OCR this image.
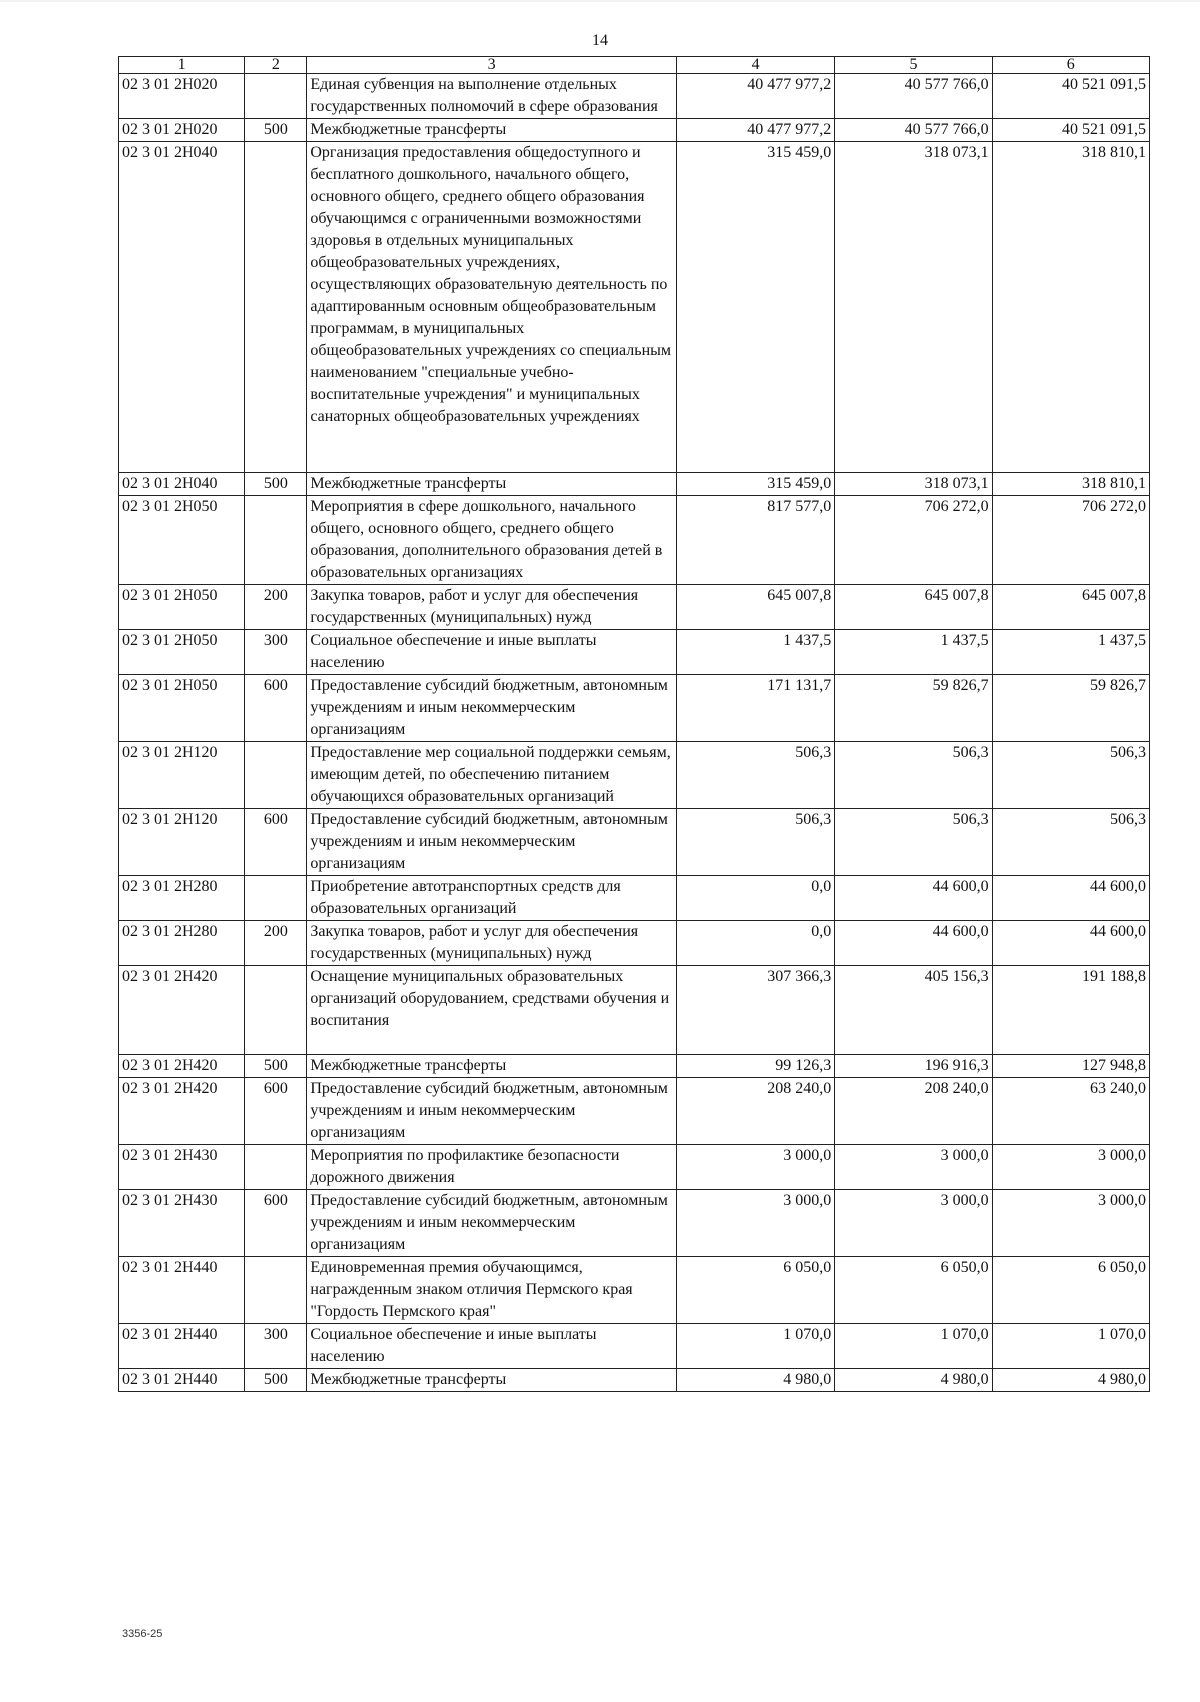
14
1	2	3	4	5	6
02 3 01 2Н020		Единая субвенция на выполнение отдельных государственных полномочий в сфере образования	40 477 977,2	40 577 766,0	40 521 091,5
02 3 01 2Н020	500	Межбюджетные трансферты	40 477 977,2	40 577 766,0	40 521 091,5
02 3 01 2Н040		Организация предоставления общедоступного и бесплатного дошкольного, начального общего, основного общего, среднего общего образования обучающимся с ограниченными возможностями здоровья в отдельных муниципальных общеобразовательных учреждениях, осуществляющих образовательную деятельность по адаптированным основным общеобразовательным программам, в муниципальных общеобразовательных учреждениях со специальным наименованием "специальные учебно-воспитательные учреждения" и муниципальных санаторных общеобразовательных учреждениях	315 459,0	318 073,1	318 810,1
02 3 01 2Н040	500	Межбюджетные трансферты	315 459,0	318 073,1	318 810,1
02 3 01 2Н050		Мероприятия в сфере дошкольного, начального общего, основного общего, среднего общего образования, дополнительного образования детей в образовательных организациях	817 577,0	706 272,0	706 272,0
02 3 01 2Н050	200	Закупка товаров, работ и услуг для обеспечения государственных (муниципальных) нужд	645 007,8	645 007,8	645 007,8
02 3 01 2Н050	300	Социальное обеспечение и иные выплаты населению	1 437,5	1 437,5	1 437,5
02 3 01 2Н050	600	Предоставление субсидий бюджетным, автономным учреждениям и иным некоммерческим организациям	171 131,7	59 826,7	59 826,7
02 3 01 2Н120		Предоставление мер социальной поддержки семьям, имеющим детей, по обеспечению питанием обучающихся образовательных организаций	506,3	506,3	506,3
02 3 01 2Н120	600	Предоставление субсидий бюджетным, автономным учреждениям и иным некоммерческим организациям	506,3	506,3	506,3
02 3 01 2Н280		Приобретение автотранспортных средств для образовательных организаций	0,0	44 600,0	44 600,0
02 3 01 2Н280	200	Закупка товаров, работ и услуг для обеспечения государственных (муниципальных) нужд	0,0	44 600,0	44 600,0
02 3 01 2Н420		Оснащение муниципальных образовательных организаций оборудованием, средствами обучения и воспитания	307 366,3	405 156,3	191 188,8
02 3 01 2Н420	500	Межбюджетные трансферты	99 126,3	196 916,3	127 948,8
02 3 01 2Н420	600	Предоставление субсидий бюджетным, автономным учреждениям и иным некоммерческим организациям	208 240,0	208 240,0	63 240,0
02 3 01 2Н430		Мероприятия по профилактике безопасности дорожного движения	3 000,0	3 000,0	3 000,0
02 3 01 2Н430	600	Предоставление субсидий бюджетным, автономным учреждениям и иным некоммерческим организациям	3 000,0	3 000,0	3 000,0
02 3 01 2Н440		Единовременная премия обучающимся, награжденным знаком отличия Пермского края "Гордость Пермского края"	6 050,0	6 050,0	6 050,0
02 3 01 2Н440	300	Социальное обеспечение и иные выплаты населению	1 070,0	1 070,0	1 070,0
02 3 01 2Н440	500	Межбюджетные трансферты	4 980,0	4 980,0	4 980,0
3356-25
